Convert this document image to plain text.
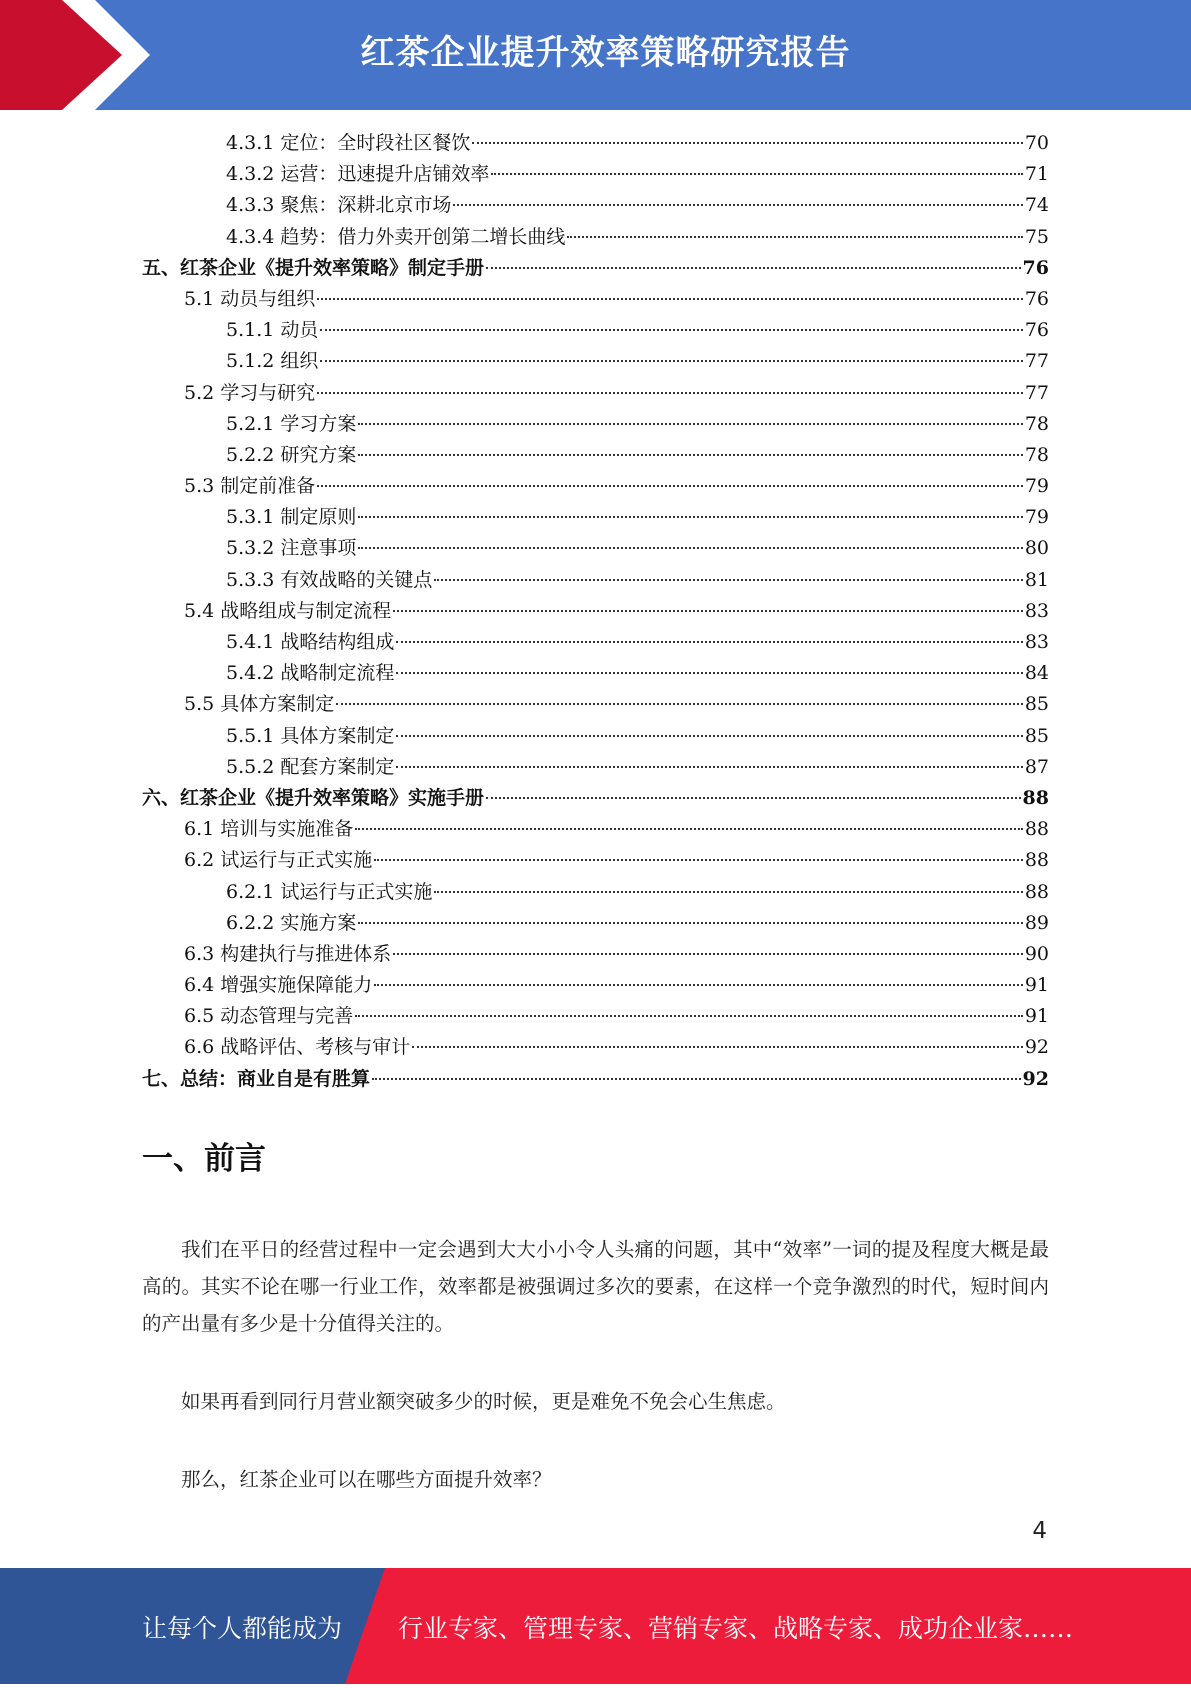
红茶企业提升效率策略研究报告
4.3.1 定位：全时段社区餐饮	70
4.3.2 运营：迅速提升店铺效率	71
4.3.3 聚焦：深耕北京市场	74
4.3.4 趋势：借力外卖开创第二增长曲线	75
五、红茶企业《提升效率策略》制定手册	76
5.1 动员与组织	76
5.1.1 动员	76
5.1.2 组织	77
5.2 学习与研究	77
5.2.1 学习方案	78
5.2.2 研究方案	78
5.3 制定前准备	79
5.3.1 制定原则	79
5.3.2 注意事项	80
5.3.3 有效战略的关键点	81
5.4 战略组成与制定流程	83
5.4.1 战略结构组成	83
5.4.2 战略制定流程	84
5.5 具体方案制定	85
5.5.1 具体方案制定	85
5.5.2 配套方案制定	87
六、红茶企业《提升效率策略》实施手册	88
6.1 培训与实施准备	88
6.2 试运行与正式实施	88
6.2.1 试运行与正式实施	88
6.2.2 实施方案	89
6.3 构建执行与推进体系	90
6.4 增强实施保障能力	91
6.5 动态管理与完善	91
6.6 战略评估、考核与审计	92
七、总结：商业自是有胜算	92
一、前言
我们在平日的经营过程中一定会遇到大大小小令人头痛的问题，其中“效率”一词的提及程度大概是最高的。其实不论在哪一行业工作，效率都是被强调过多次的要素，在这样一个竞争激烈的时代，短时间内的产出量有多少是十分值得关注的。
如果再看到同行月营业额突破多少的时候，更是难免不免会心生焦虑。
那么，红茶企业可以在哪些方面提升效率？
4
让每个人都能成为 行业专家、管理专家、营销专家、战略专家、成功企业家……
